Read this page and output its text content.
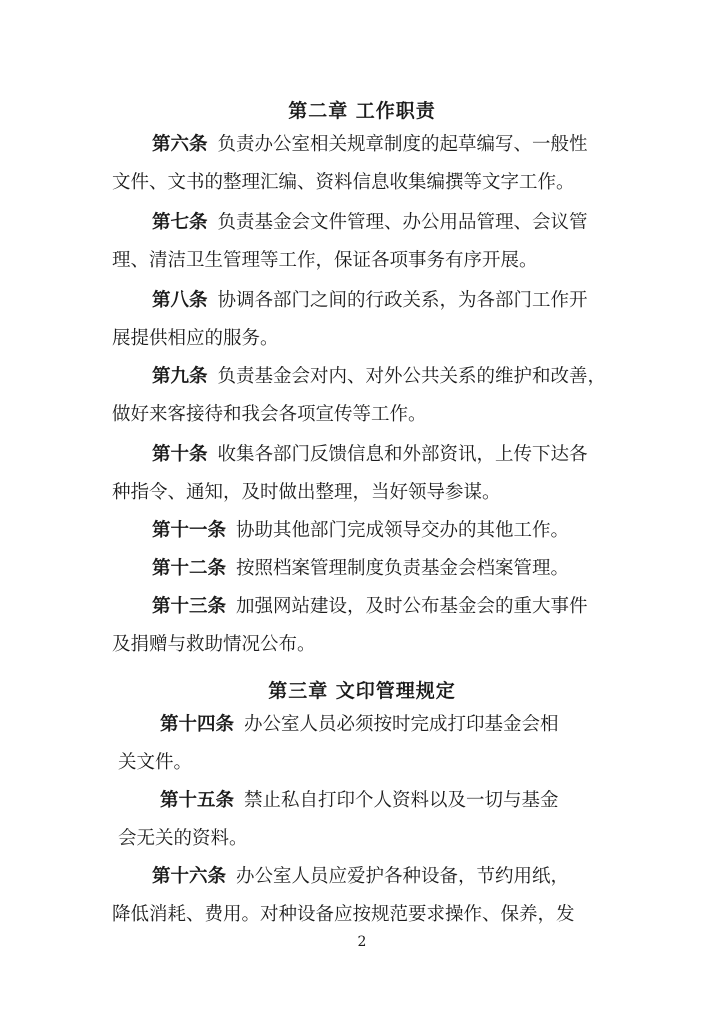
第二章 工作职责
第六条 负责办公室相关规章制度的起草编写、一般性
文件、文书的整理汇编、资料信息收集编撰等文字工作。
第七条 负责基金会文件管理、办公用品管理、会议管
理、清洁卫生管理等工作，保证各项事务有序开展。
第八条 协调各部门之间的行政关系，为各部门工作开
展提供相应的服务。
第九条 负责基金会对内、对外公共关系的维护和改善，
做好来客接待和我会各项宣传等工作。
第十条 收集各部门反馈信息和外部资讯，上传下达各
种指令、通知，及时做出整理，当好领导参谋。
第十一条 协助其他部门完成领导交办的其他工作。
第十二条 按照档案管理制度负责基金会档案管理。
第十三条 加强网站建设，及时公布基金会的重大事件
及捐赠与救助情况公布。
第三章 文印管理规定
第十四条 办公室人员必须按时完成打印基金会相
关文件。
第十五条 禁止私自打印个人资料以及一切与基金
会无关的资料。
第十六条 办公室人员应爱护各种设备，节约用纸，
降低消耗、费用。对种设备应按规范要求操作、保养，发
2
